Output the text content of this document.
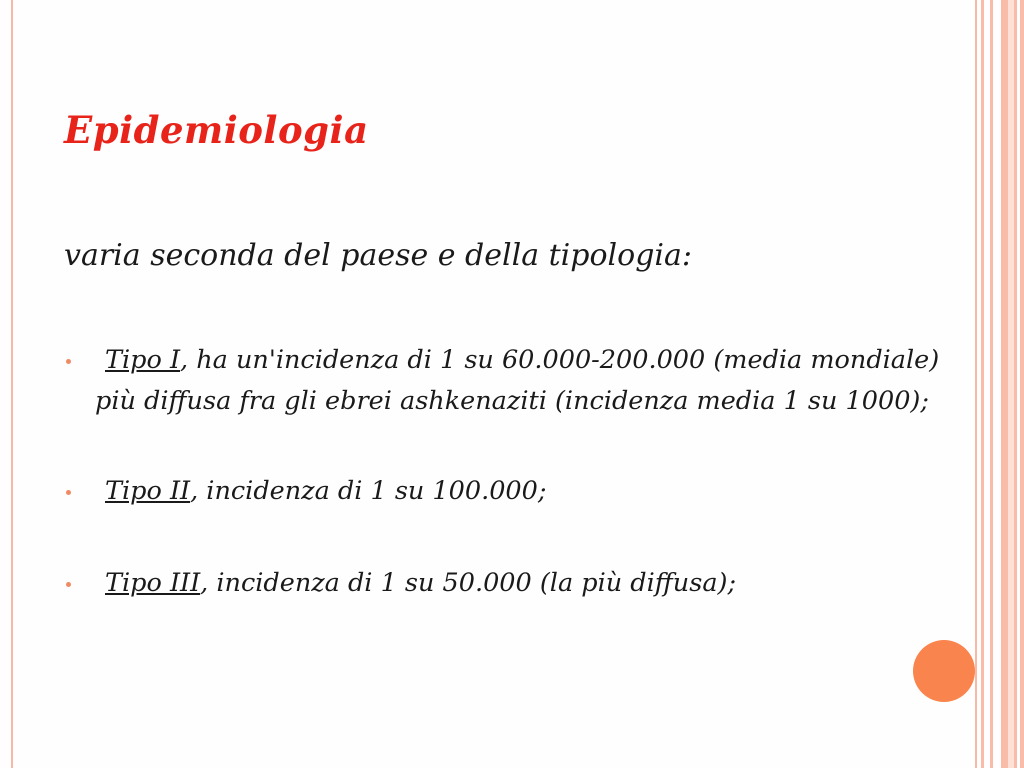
Epidemiologia

varia seconda del paese e della tipologia:

Tipo I, ha un'incidenza di 1 su 60.000-200.000 (media mondiale) più diffusa fra gli ebrei ashkenaziti (incidenza media 1 su 1000);
Tipo II, incidenza di 1 su 100.000;
Tipo III, incidenza di 1 su 50.000 (la più diffusa);
